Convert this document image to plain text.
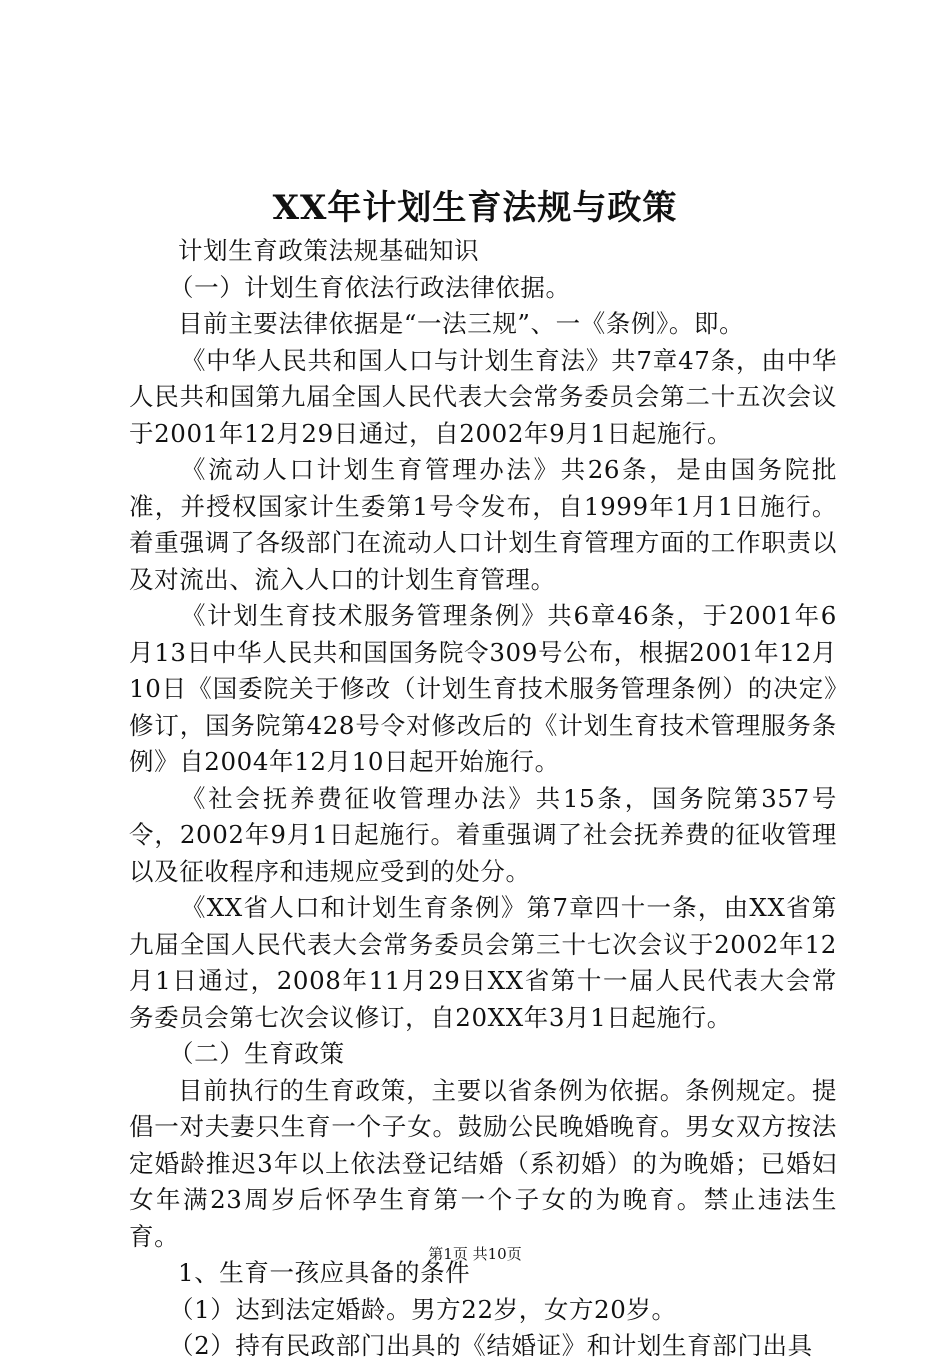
XX年计划生育法规与政策

计划生育政策法规基础知识

（一）计划生育依法行政法律依据。

目前主要法律依据是“一法三规”、一《条例》。即。

《中华人民共和国人口与计划生育法》共7章47条，由中华人民共和国第九届全国人民代表大会常务委员会第二十五次会议于2001年12月29日通过，自2002年9月1日起施行。

《流动人口计划生育管理办法》共26条，是由国务院批准，并授权国家计生委第1号令发布，自1999年1月1日施行。着重强调了各级部门在流动人口计划生育管理方面的工作职责以及对流出、流入人口的计划生育管理。

《计划生育技术服务管理条例》共6章46条，于2001年6月13日中华人民共和国国务院令309号公布，根据2001年12月10日《国委院关于修改（计划生育技术服务管理条例）的决定》修订，国务院第428号令对修改后的《计划生育技术管理服务条例》自2004年12月10日起开始施行。

《社会抚养费征收管理办法》共15条，国务院第357号令，2002年9月1日起施行。着重强调了社会抚养费的征收管理以及征收程序和违规应受到的处分。

《XX省人口和计划生育条例》第7章四十一条，由XX省第九届全国人民代表大会常务委员会第三十七次会议于2002年12月1日通过，2008年11月29日XX省第十一届人民代表大会常务委员会第七次会议修订，自20XX年3月1日起施行。

（二）生育政策

目前执行的生育政策，主要以省条例为依据。条例规定。提倡一对夫妻只生育一个子女。鼓励公民晚婚晚育。男女双方按法定婚龄推迟3年以上依法登记结婚（系初婚）的为晚婚；已婚妇女年满23周岁后怀孕生育第一个子女的为晚育。禁止违法生育。

1、生育一孩应具备的条件

（1）达到法定婚龄。男方22岁，女方20岁。

（2）持有民政部门出具的《结婚证》和计划生育部门出具

第1页 共10页
